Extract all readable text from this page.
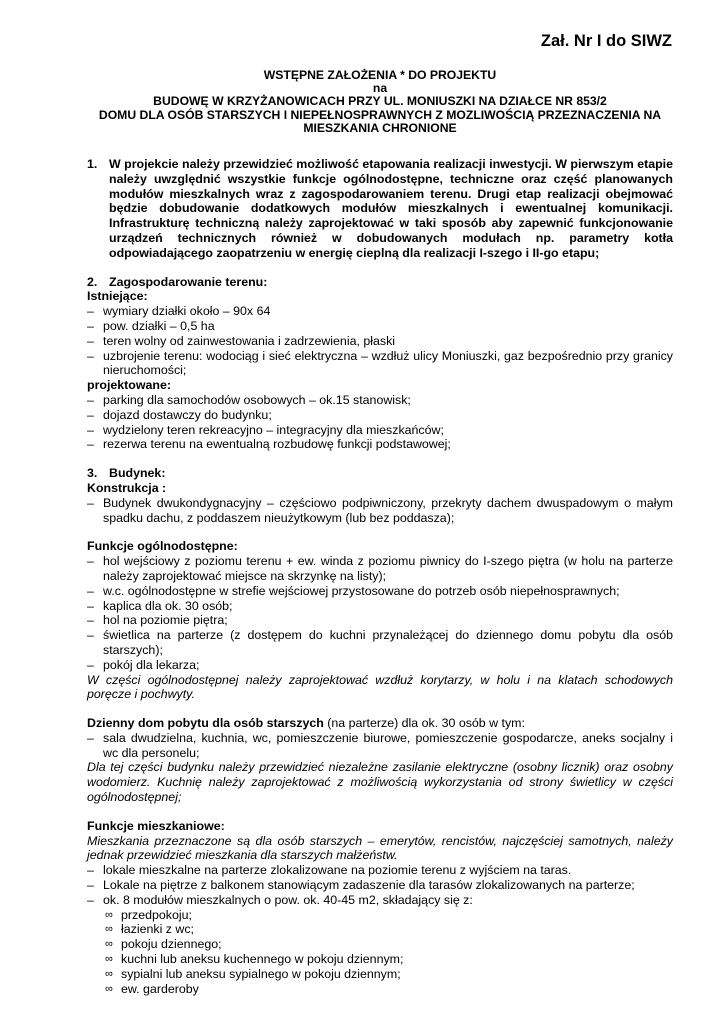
Zał. Nr I do SIWZ
WSTĘPNE ZAŁOŻENIA * DO PROJEKTU
na
BUDOWĘ W KRZYŻANOWICACH PRZY UL. MONIUSZKI NA DZIAŁCE NR 853/2
DOMU DLA OSÓB STARSZYCH I NIEPEŁNOSPRAWNYCH Z MOZLIWOŚCIĄ PRZEZNACZENIA NA
MIESZKANIA CHRONIONE
1. W projekcie należy przewidzieć możliwość etapowania realizacji inwestycji. W pierwszym etapie należy uwzględnić wszystkie funkcje ogólnodostępne, techniczne oraz część planowanych modułów mieszkalnych wraz z zagospodarowaniem terenu. Drugi etap realizacji obejmować będzie dobudowanie dodatkowych modułów mieszkalnych i ewentualnej komunikacji. Infrastrukturę techniczną należy zaprojektować w taki sposób aby zapewnić funkcjonowanie urządzeń technicznych również w dobudowanych modułach np. parametry kotła odpowiadającego zaopatrzeniu w energię cieplną dla realizacji I-szego i II-go etapu;
2. Zagospodarowanie terenu:
Istniejące:
– wymiary działki około – 90x 64
– pow. działki – 0,5 ha
– teren wolny od zainwestowania i zadrzewienia, płaski
– uzbrojenie terenu: wodociąg i sieć elektryczna – wzdłuż ulicy Moniuszki, gaz bezpośrednio przy granicy nieruchomości;
projektowane:
– parking dla samochodów osobowych – ok.15 stanowisk;
– dojazd dostawczy do budynku;
– wydzielony teren rekreacyjno – integracyjny dla mieszkańców;
– rezerwa terenu na ewentualną rozbudowę funkcji podstawowej;
3. Budynek:
Konstrukcja :
– Budynek dwukondygnacyjny – częściowo podpiwniczony, przekryty dachem dwuspadowym o małym spadku dachu, z poddaszem nieużytkowym (lub bez poddasza);
Funkcje ogólnodostępne:
– hol wejściowy z poziomu terenu + ew. winda z poziomu piwnicy do I-szego piętra (w holu na parterze należy zaprojektować miejsce na skrzynkę na listy);
– w.c. ogólnodostępne w strefie wejściowej przystosowane do potrzeb osób niepełnosprawnych;
– kaplica dla ok. 30 osób;
– hol na poziomie piętra;
– świetlica na parterze (z dostępem do kuchni przynależącej do dziennego domu pobytu dla osób starszych);
– pokój dla lekarza;
W części ogólnodostępnej należy zaprojektować wzdłuż korytarzy, w holu i na klatach schodowych poręcze i pochwyty.
Dzienny dom pobytu dla osób starszych (na parterze) dla ok. 30 osób w tym:
– sala dwudzielna, kuchnia, wc, pomieszczenie biurowe, pomieszczenie gospodarcze, aneks socjalny i wc dla personelu;
Dla tej części budynku należy przewidzieć niezależne zasilanie elektryczne (osobny licznik) oraz osobny wodomierz. Kuchnię należy zaprojektować z możliwością wykorzystania od strony świetlicy w części ogólnodostępnej;
Funkcje mieszkaniowe:
Mieszkania przeznaczone są dla osób starszych – emerytów, rencistów, najczęściej samotnych, należy jednak przewidzieć mieszkania dla starszych małżeństw.
– lokale mieszkalne na parterze zlokalizowane na poziomie terenu z wyjściem na taras.
– Lokale na piętrze z balkonem stanowiącym zadaszenie dla tarasów zlokalizowanych na parterze;
– ok. 8 modułów mieszkalnych o pow. ok. 40-45 m2, składający się z:
∞ przedpokoju;
∞ łazienki z wc;
∞ pokoju dziennego;
∞ kuchni lub aneksu kuchennego w pokoju dziennym;
∞ sypialni lub aneksu sypialnego w pokoju dziennym;
∞ ew. garderoby
